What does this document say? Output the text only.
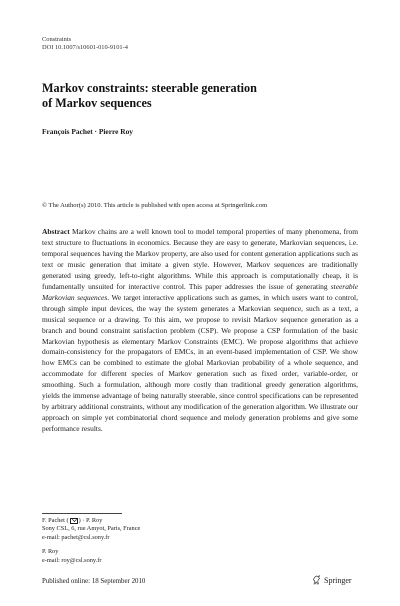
Constraints
DOI 10.1007/s10601-010-9101-4
Markov constraints: steerable generation
of Markov sequences
François Pachet · Pierre Roy
© The Author(s) 2010. This article is published with open access at Springerlink.com
Abstract Markov chains are a well known tool to model temporal properties of many phenomena, from text structure to fluctuations in economics. Because they are easy to generate, Markovian sequences, i.e. temporal sequences having the Markov property, are also used for content generation applications such as text or music generation that imitate a given style. However, Markov sequences are traditionally generated using greedy, left-to-right algorithms. While this approach is computationally cheap, it is fundamentally unsuited for interactive control. This paper addresses the issue of generating steerable Markovian sequences. We target interactive applications such as games, in which users want to control, through simple input devices, the way the system generates a Markovian sequence, such as a text, a musical sequence or a drawing. To this aim, we propose to revisit Markov sequence generation as a branch and bound constraint satisfaction problem (CSP). We propose a CSP formulation of the basic Markovian hypothesis as elementary Markov Constraints (EMC). We propose algorithms that achieve domain-consistency for the propagators of EMCs, in an event-based implementation of CSP. We show how EMCs can be combined to estimate the global Markovian probability of a whole sequence, and accommodate for different species of Markov generation such as fixed order, variable-order, or smoothing. Such a formulation, although more costly than traditional greedy generation algorithms, yields the immense advantage of being naturally steerable, since control specifications can be represented by arbitrary additional constraints, without any modification of the generation algorithm. We illustrate our approach on simple yet combinatorial chord sequence and melody generation problems and give some performance results.
F. Pachet ( ) · P. Roy
Sony CSL, 6, rue Amyot, Paris, France
e-mail: pachet@csl.sony.fr
P. Roy
e-mail: roy@csl.sony.fr
Published online: 18 September 2010	Springer
